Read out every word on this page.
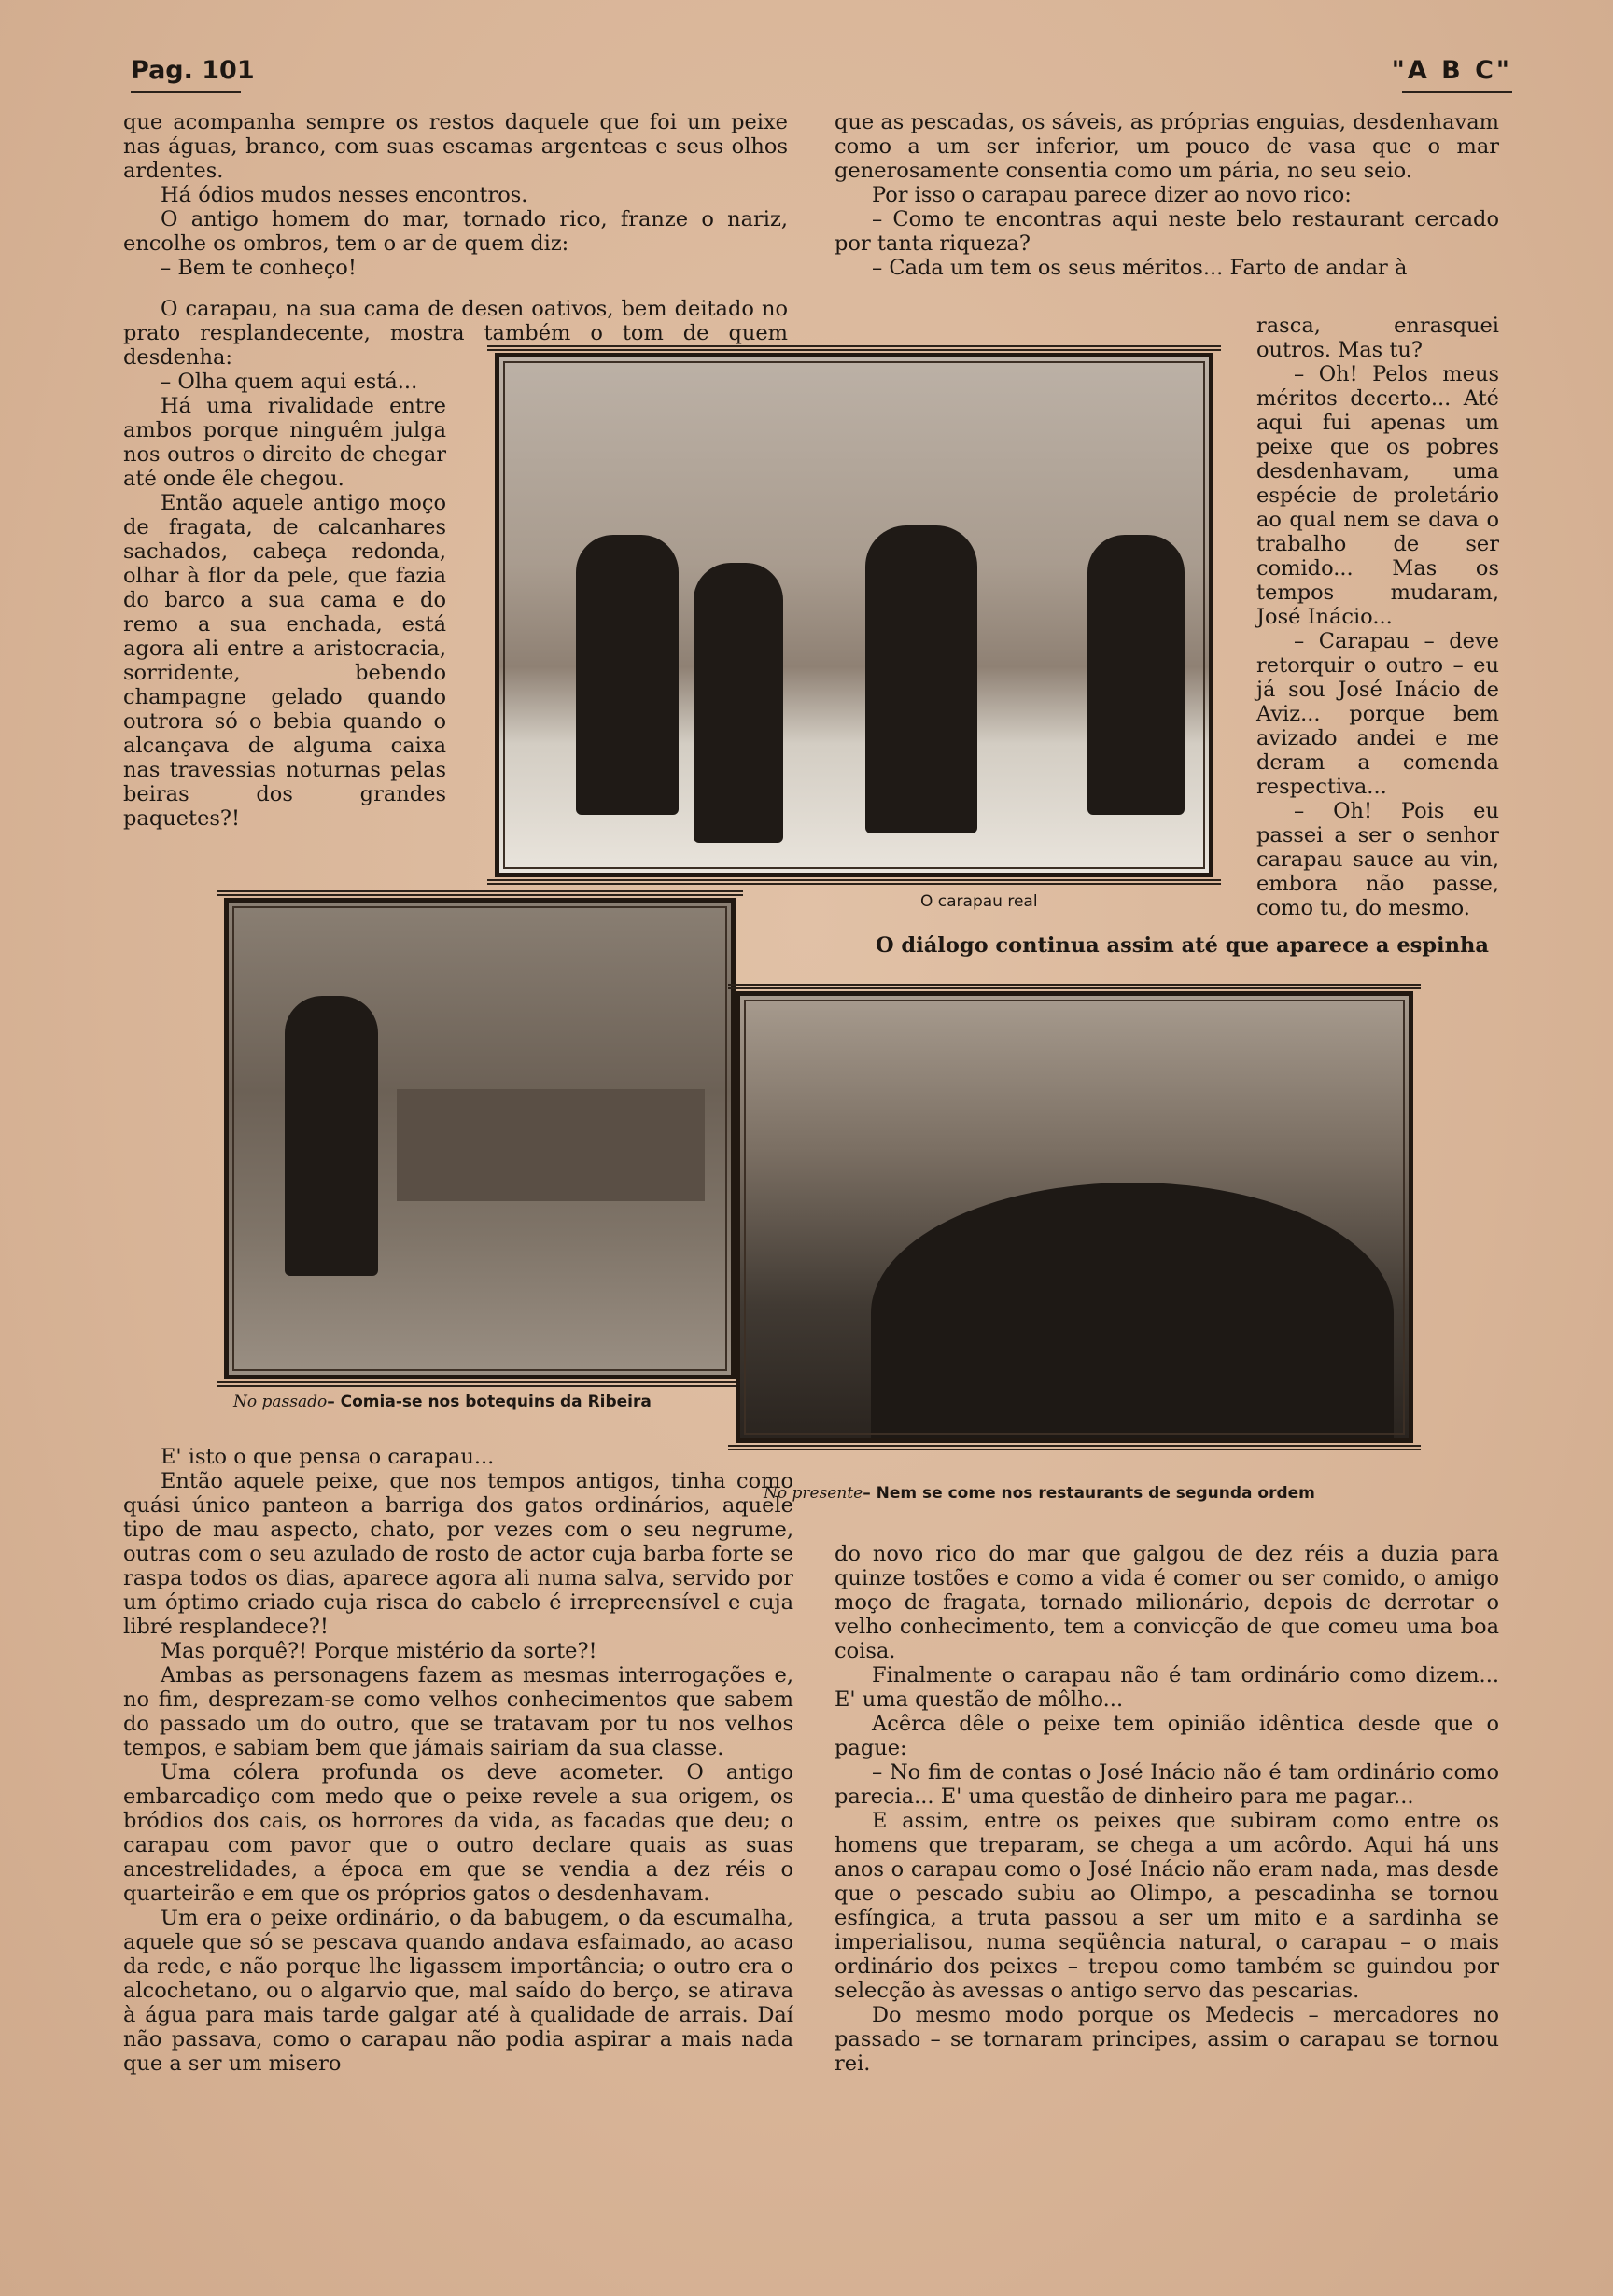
Pag. 101	"A B C"

que acompanha sempre os restos daquele que foi um peixe nas águas, branco, com suas escamas argenteas e seus olhos ardentes.

Há ódios mudos nesses encontros.

O antigo homem do mar, tornado rico, franze o nariz, encolhe os ombros, tem o ar de quem diz:

– Bem te conheço!

O carapau, na sua cama de desen oativos, bem deitado no prato resplandecente, mostra também o tom de quem desdenha:

– Olha quem aqui está...

Há uma rivalidade entre ambos porque ninguêm julga nos outros o direito de chegar até onde êle chegou.

Então aquele antigo moço de fragata, de calcanhares sachados, cabeça redonda, olhar à flor da pele, que fazia do barco a sua cama e do remo a sua enchada, está agora ali entre a aristocracia, sorridente, bebendo champagne gelado quando outrora só o bebia quando o alcançava de alguma caixa nas travessias noturnas pelas beiras dos grandes paquetes?!

que as pescadas, os sáveis, as próprias enguias, desdenhavam como a um ser inferior, um pouco de vasa que o mar generosamente consentia como um pária, no seu seio.

Por isso o carapau parece dizer ao novo rico:

– Como te encontras aqui neste belo restaurant cercado por tanta riqueza?

– Cada um tem os seus méritos... Farto de andar à

rasca, enrasquei outros. Mas tu?

– Oh! Pelos meus méritos decerto... Até aqui fui apenas um peixe que os pobres desdenhavam, uma espécie de proletário ao qual nem se dava o trabalho de ser comido... Mas os tempos mudaram, José Inácio...

– Carapau – deve retorquir o outro – eu já sou José Inácio de Aviz... porque bem avizado andei e me deram a comenda respectiva...

– Oh! Pois eu passei a ser o senhor carapau sauce au vin, embora não passe, como tu, do mesmo.

O diálogo continua assim até que aparece a espinha

O carapau real
No passado– Comia-se nos botequins da Ribeira
No presente– Nem se come nos restaurants de segunda ordem

E' isto o que pensa o carapau...

Então aquele peixe, que nos tempos antigos, tinha como quási único panteon a barriga dos gatos ordinários, aquele tipo de mau aspecto, chato, por vezes com o seu negrume, outras com o seu azulado de rosto de actor cuja barba forte se raspa todos os dias, aparece agora ali numa salva, servido por um óptimo criado cuja risca do cabelo é irrepreensível e cuja libré resplandece?!

Mas porquê?! Porque mistério da sorte?!

Ambas as personagens fazem as mesmas interrogações e, no fim, desprezam-se como velhos conhecimentos que sabem do passado um do outro, que se tratavam por tu nos velhos tempos, e sabiam bem que jámais sairiam da sua classe.

Uma cólera profunda os deve acometer. O antigo embarcadiço com medo que o peixe revele a sua origem, os bródios dos cais, os horrores da vida, as facadas que deu; o carapau com pavor que o outro declare quais as suas ancestrelidades, a época em que se vendia a dez réis o quarteirão e em que os próprios gatos o desdenhavam.

Um era o peixe ordinário, o da babugem, o da escumalha, aquele que só se pescava quando andava esfaimado, ao acaso da rede, e não porque lhe ligassem importância; o outro era o alcochetano, ou o algarvio que, mal saído do berço, se atirava à água para mais tarde galgar até à qualidade de arrais. Daí não passava, como o carapau não podia aspirar a mais nada que a ser um misero

do novo rico do mar que galgou de dez réis a duzia para quinze tostões e como a vida é comer ou ser comido, o amigo moço de fragata, tornado milionário, depois de derrotar o velho conhecimento, tem a convicção de que comeu uma boa coisa.

Finalmente o carapau não é tam ordinário como dizem... E' uma questão de môlho...

Acêrca dêle o peixe tem opinião idêntica desde que o pague:

– No fim de contas o José Inácio não é tam ordinário como parecia... E' uma questão de dinheiro para me pagar...

E assim, entre os peixes que subiram como entre os homens que treparam, se chega a um acôrdo. Aqui há uns anos o carapau como o José Inácio não eram nada, mas desde que o pescado subiu ao Olimpo, a pescadinha se tornou esfíngica, a truta passou a ser um mito e a sardinha se imperialisou, numa seqüência natural, o carapau – o mais ordinário dos peixes – trepou como também se guindou por selecção às avessas o antigo servo das pescarias.

Do mesmo modo porque os Medecis – mercadores no passado – se tornaram principes, assim o carapau se tornou rei.
